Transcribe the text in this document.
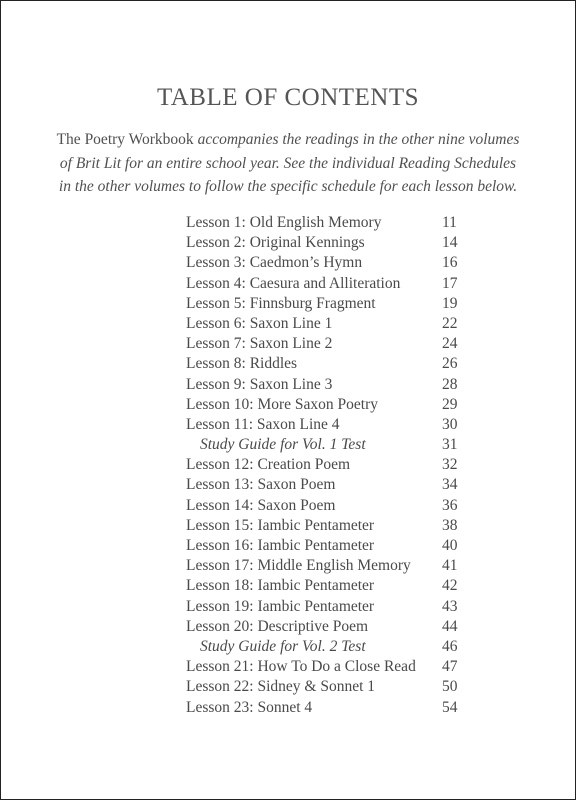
TABLE OF CONTENTS

The Poetry Workbook accompanies the readings in the other nine volumes
of Brit Lit for an entire school year. See the individual Reading Schedules
in the other volumes to follow the specific schedule for each lesson below.

Lesson 1: Old English Memory	11
Lesson 2: Original Kennings	14
Lesson 3: Caedmon’s Hymn	16
Lesson 4: Caesura and Alliteration	17
Lesson 5: Finnsburg Fragment	19
Lesson 6: Saxon Line 1	22
Lesson 7: Saxon Line 2	24
Lesson 8: Riddles	26
Lesson 9: Saxon Line 3	28
Lesson 10: More Saxon Poetry	29
Lesson 11: Saxon Line 4	30
Study Guide for Vol. 1 Test	31
Lesson 12: Creation Poem	32
Lesson 13: Saxon Poem	34
Lesson 14: Saxon Poem	36
Lesson 15: Iambic Pentameter	38
Lesson 16: Iambic Pentameter	40
Lesson 17: Middle English Memory 41
Lesson 18: Iambic Pentameter	42
Lesson 19: Iambic Pentameter	43
Lesson 20: Descriptive Poem	44
Study Guide for Vol. 2 Test	46
Lesson 21: How To Do a Close Read 47
Lesson 22: Sidney & Sonnet 1	50
Lesson 23: Sonnet 4	54
